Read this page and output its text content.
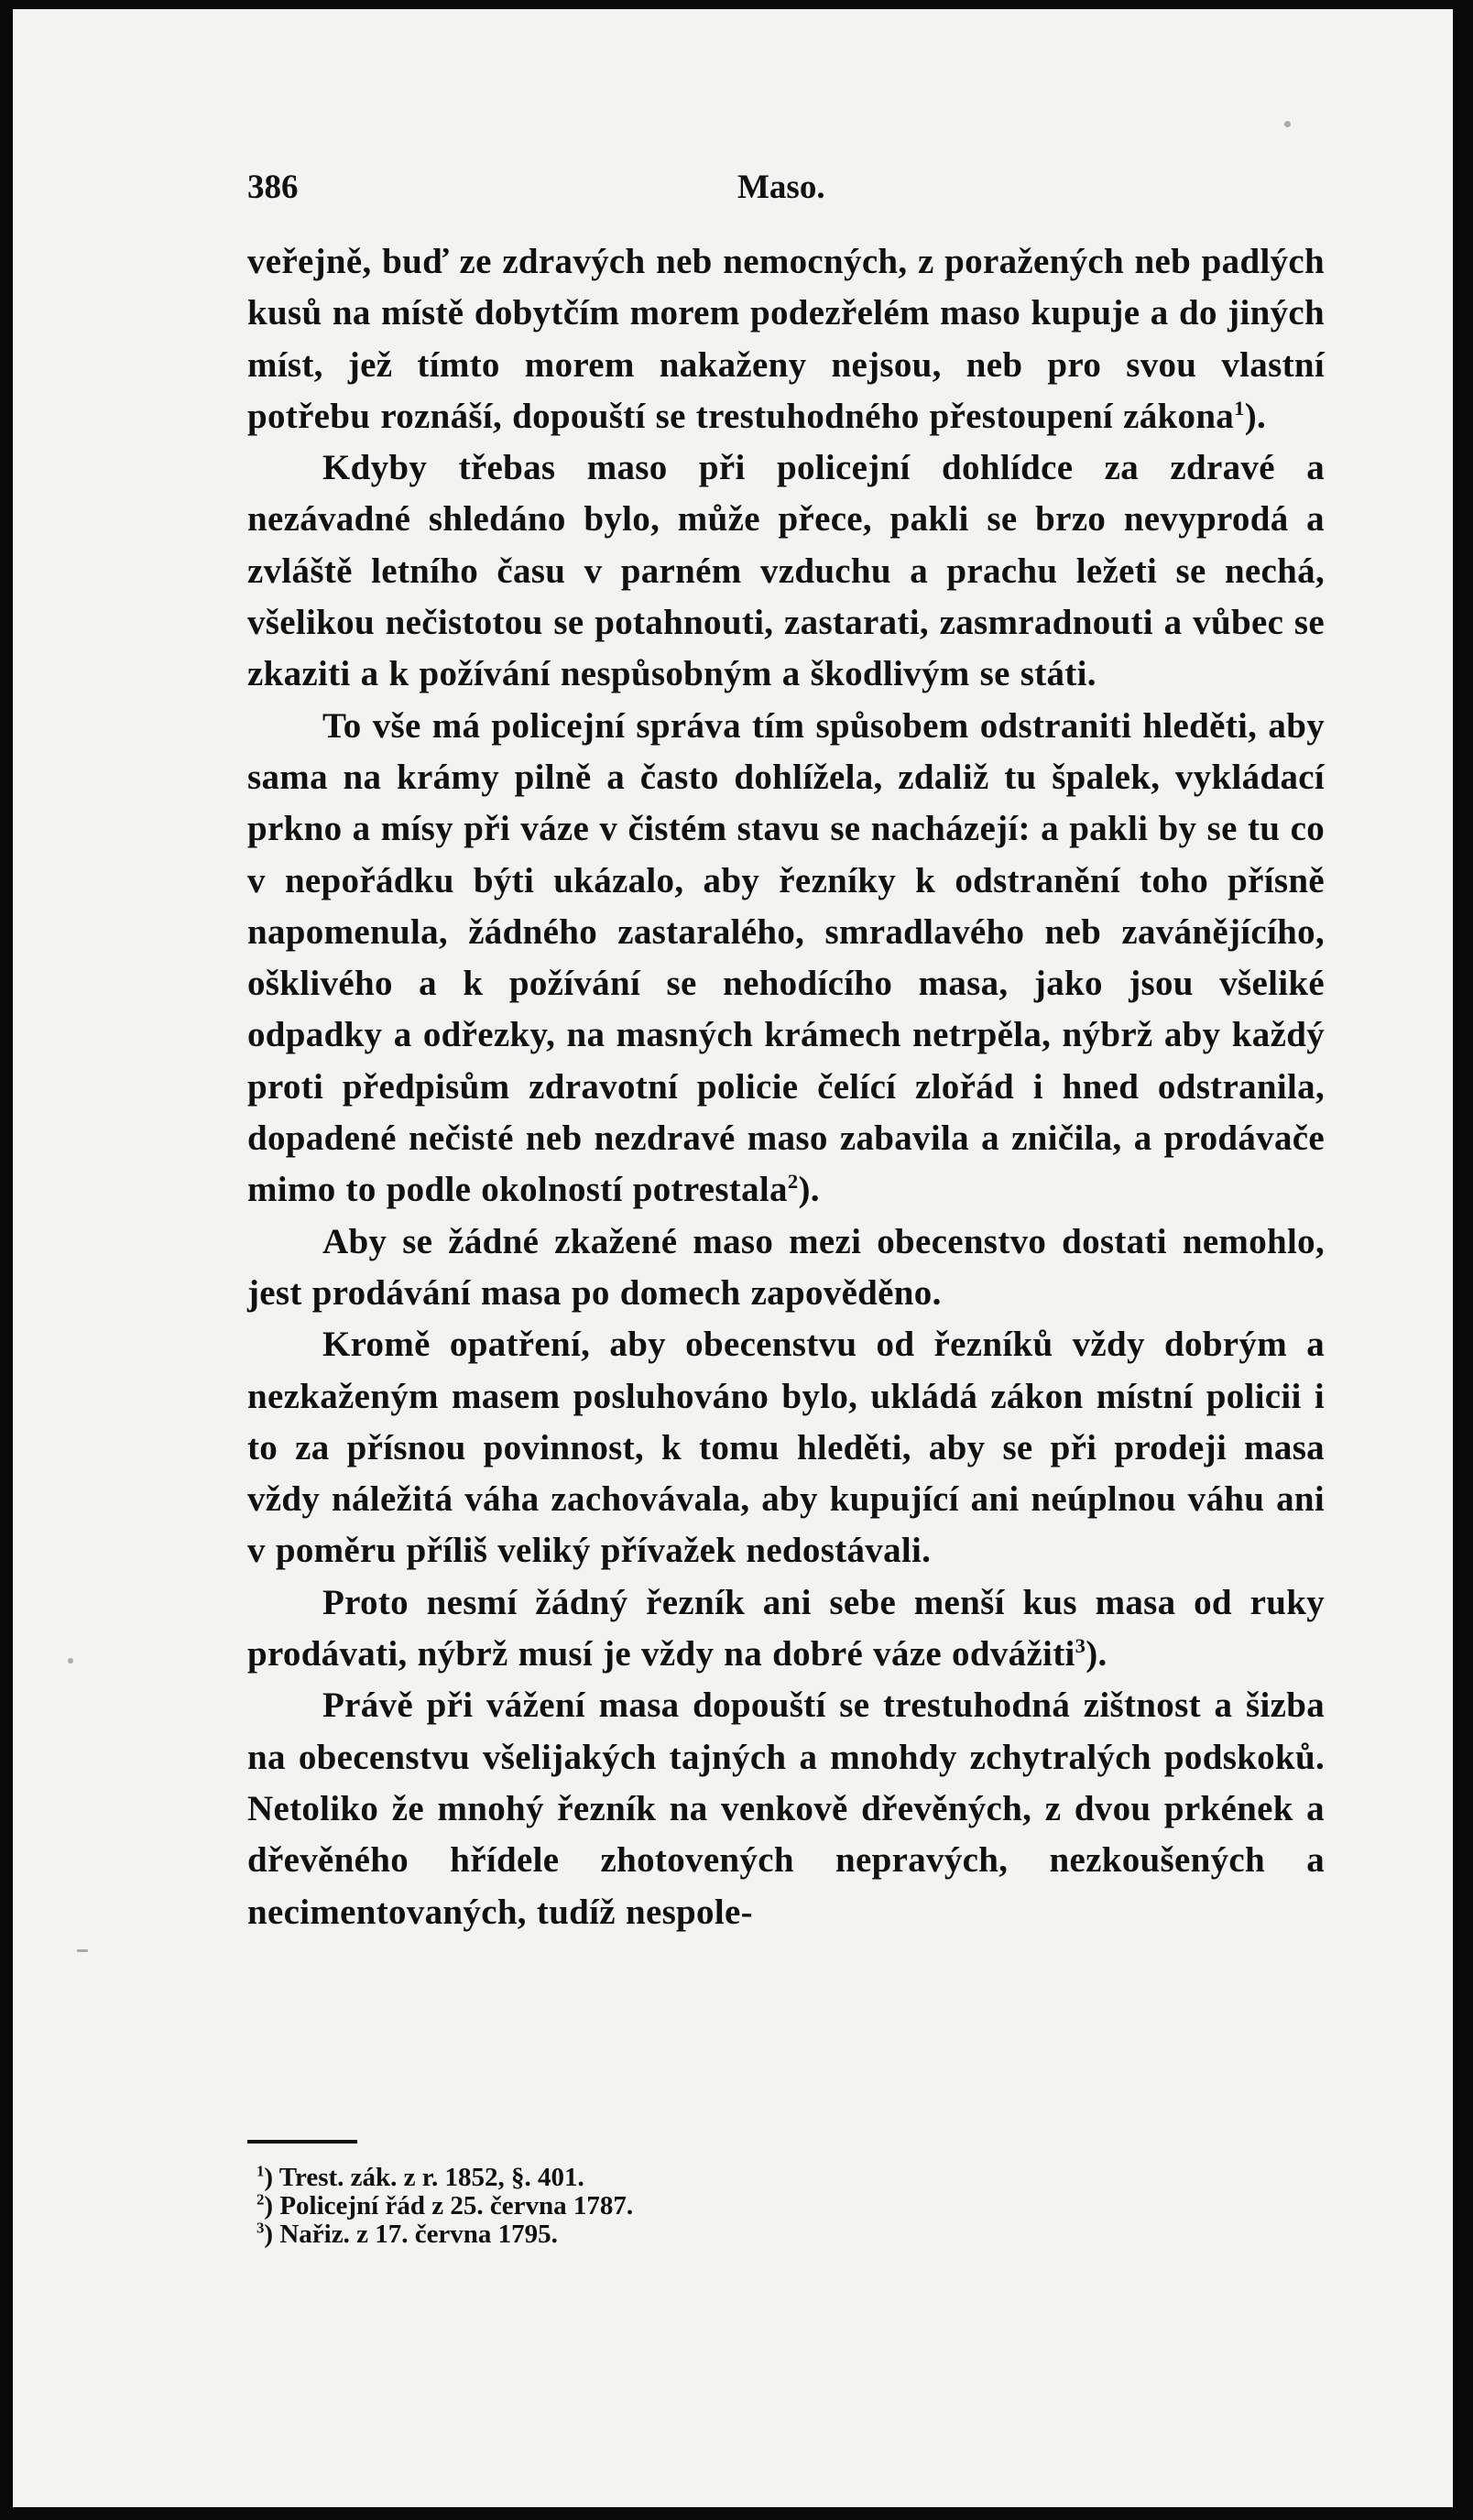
386	Maso.

veřejně, buď ze zdravých neb nemocných, z poražených neb padlých kusů na místě dobytčím morem podezřelém maso kupuje a do jiných míst, jež tímto morem nakaženy nejsou, neb pro svou vlastní potřebu roznáší, dopouští se trestuhodného přestoupení zákona$^1$).

Kdyby třebas maso při policejní dohlídce za zdravé a nezávadné shledáno bylo, může přece, pakli se brzo nevyprodá a zvláště letního času v parném vzduchu a prachu ležeti se nechá, všelikou nečistotou se potahnouti, zastarati, zasmradnouti a vůbec se zkaziti a k požívání nespůsobným a škodlivým se státi.

To vše má policejní správa tím spůsobem odstraniti hleděti, aby sama na krámy pilně a často dohlížela, zdaliž tu špalek, vykládací prkno a mísy při váze v čistém stavu se nacházejí: a pakli by se tu co v nepořádku býti ukázalo, aby řezníky k odstranění toho přísně napomenula, žádného zastaralého, smradlavého neb zavánějícího, ošklivého a k požívání se nehodícího masa, jako jsou všeliké odpadky a odřezky, na masných krámech netrpěla, nýbrž aby každý proti předpisům zdravotní policie čelící zlořád i hned odstranila, dopadené nečisté neb nezdravé maso zabavila a zničila, a prodávače mimo to podle okolností potrestala$^2$).

Aby se žádné zkažené maso mezi obecenstvo dostati nemohlo, jest prodávání masa po domech zapověděno.

Kromě opatření, aby obecenstvu od řezníků vždy dobrým a nezkaženým masem posluhováno bylo, ukládá zákon místní policii i to za přísnou povinnost, k tomu hleděti, aby se při prodeji masa vždy náležitá váha zachovávala, aby kupující ani neúplnou váhu ani v poměru příliš veliký přívažek nedostávali.

Proto nesmí žádný řezník ani sebe menší kus masa od ruky prodávati, nýbrž musí je vždy na dobré váze odvážiti$^3$).

Právě při vážení masa dopouští se trestuhodná zištnost a šizba na obecenstvu všelijakých tajných a mnohdy zchytralých podskoků. Netoliko že mnohý řezník na venkově dřevěných, z dvou prkének a dřevěného hřídele zhotovených nepravých, nezkoušených a necimentovaných, tudíž nespole-

$^1$) Trest. zák. z r. 1852, §. 401.
$^2$) Policejní řád z 25. června 1787.
$^3$) Nařiz. z 17. června 1795.
